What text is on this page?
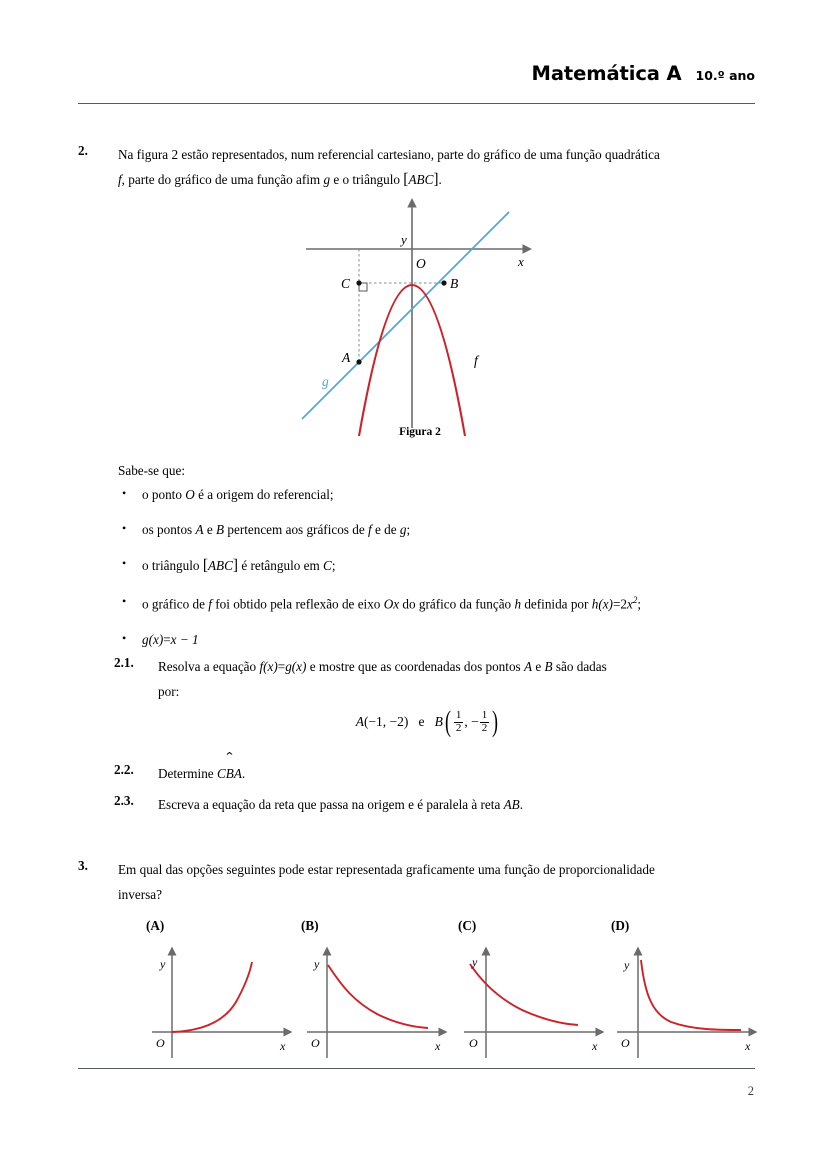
Matemática A 10.º ano
2. Na figura 2 estão representados, num referencial cartesiano, parte do gráfico de uma função quadrática
f, parte do gráfico de uma função afim g e o triângulo [ABC].
y
x
O
C	B
A	f
g
Figura 2
Sabe-se que:
• o ponto O é a origem do referencial;
• os pontos A e B pertencem aos gráficos de f e de g;
• o triângulo [ABC] é retângulo em C;
• o gráfico de f foi obtido pela reflexão de eixo Ox do gráfico da função h definida por $h(x)=2x^2$;
• g(x)=x − 1
2.1. Resolva a equação f(x)=g(x) e mostre que as coordenadas dos pontos A e B são dadas
por:
A(−1, −2) e $B( \frac{1}{2}$ , − $\frac{1}{2}$ )
2.2. Determine CB ⌃A.
2.3. Escreva a equação da reta que passa na origem e é paralela à reta AB.
3. Em qual das opções seguintes pode estar representada graficamente uma função de proporcionalidade
inversa?
(A)
y
x
O
(B)
y
x
O
(C)
y
x
O
(D)
y
x
O
2
